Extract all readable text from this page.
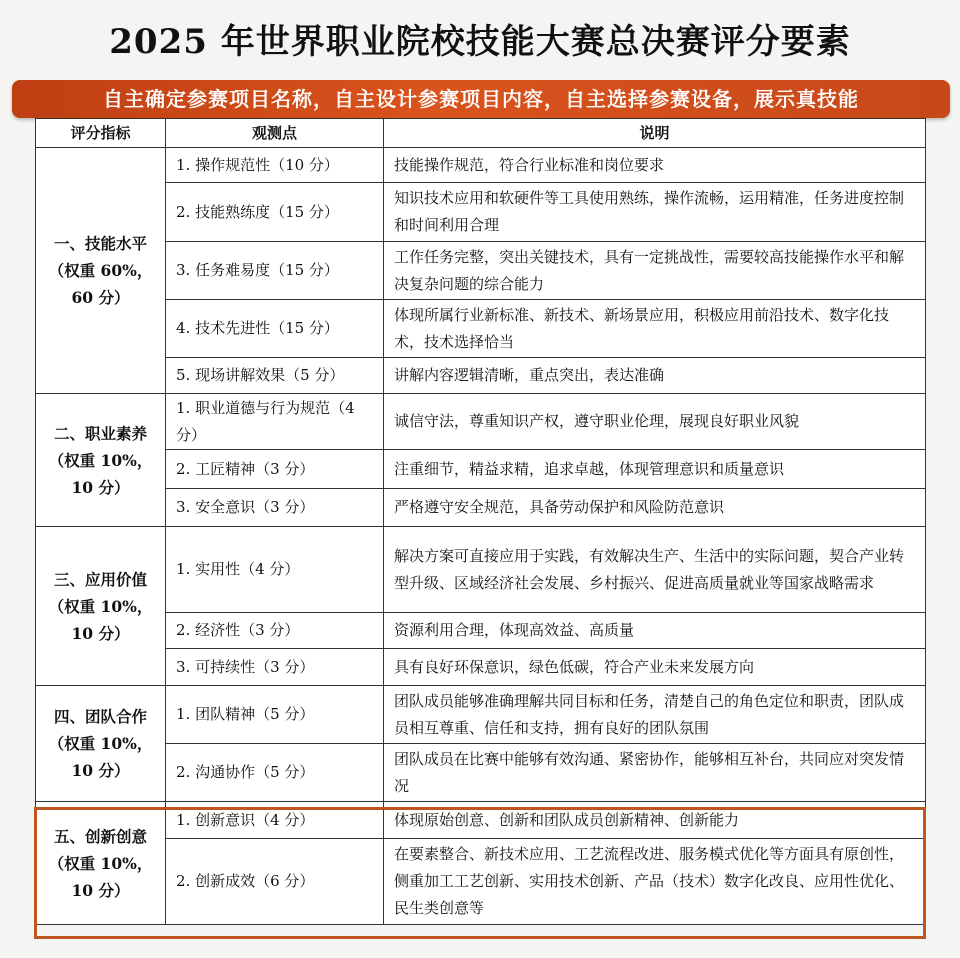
2025 年世界职业院校技能大赛总决赛评分要素
自主确定参赛项目名称，自主设计参赛项目内容，自主选择参赛设备，展示真技能
评分指标	观测点	说明
一、技能水平
（权重 60%，
60 分）	1. 操作规范性（10 分）	技能操作规范，符合行业标准和岗位要求
	2. 技能熟练度（15 分）	知识技术应用和软硬件等工具使用熟练，操作流畅，运用精准，任务进度控制和时间利用合理
	3. 任务难易度（15 分）	工作任务完整，突出关键技术，具有一定挑战性，需要较高技能操作水平和解决复杂问题的综合能力
	4. 技术先进性（15 分）	体现所属行业新标准、新技术、新场景应用，积极应用前沿技术、数字化技术，技术选择恰当
	5. 现场讲解效果（5 分）	讲解内容逻辑清晰，重点突出，表达准确
二、职业素养
（权重 10%，
10 分）	1. 职业道德与行为规范（4 分）	诚信守法，尊重知识产权，遵守职业伦理，展现良好职业风貌
	2. 工匠精神（3 分）	注重细节，精益求精，追求卓越，体现管理意识和质量意识
	3. 安全意识（3 分）	严格遵守安全规范，具备劳动保护和风险防范意识
三、应用价值
（权重 10%，
10 分）	1. 实用性（4 分）	解决方案可直接应用于实践，有效解决生产、生活中的实际问题，契合产业转型升级、区域经济社会发展、乡村振兴、促进高质量就业等国家战略需求
	2. 经济性（3 分）	资源利用合理，体现高效益、高质量
	3. 可持续性（3 分）	具有良好环保意识，绿色低碳，符合产业未来发展方向
四、团队合作
（权重 10%，
10 分）	1. 团队精神（5 分）	团队成员能够准确理解共同目标和任务，清楚自己的角色定位和职责，团队成员相互尊重、信任和支持，拥有良好的团队氛围
	2. 沟通协作（5 分）	团队成员在比赛中能够有效沟通、紧密协作，能够相互补台，共同应对突发情况
五、创新创意
（权重 10%，
10 分）	1. 创新意识（4 分）	体现原始创意、创新和团队成员创新精神、创新能力
	2. 创新成效（6 分）	在要素整合、新技术应用、工艺流程改进、服务模式优化等方面具有原创性，侧重加工工艺创新、实用技术创新、产品（技术）数字化改良、应用性优化、民生类创意等
